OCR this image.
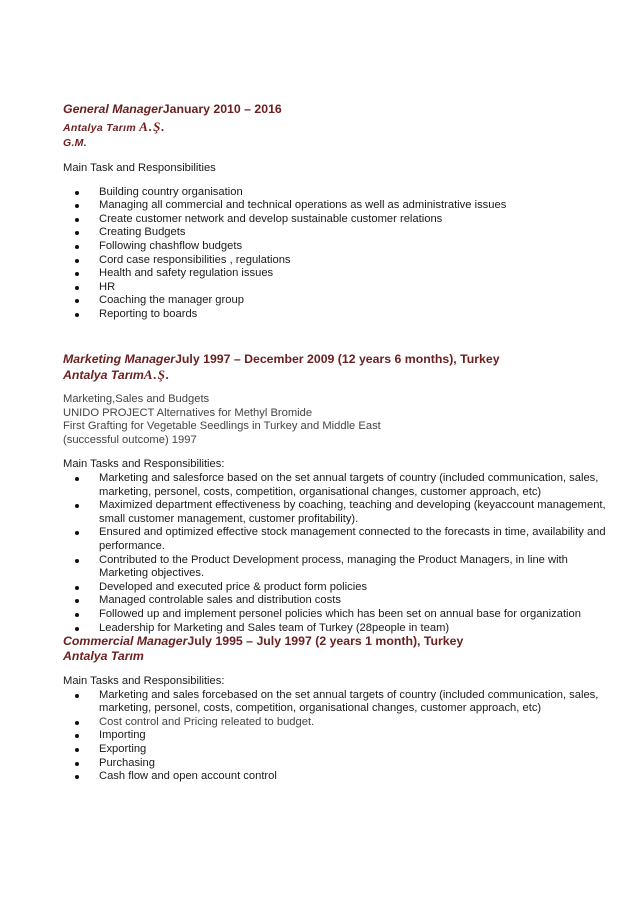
General ManagerJanuary 2010 – 2016
Antalya Tarım A.Ş.
G.M.
Main Task and Responsibilities
Building country organisation
Managing all commercial and technical operations as well as administrative issues
Create customer network and develop sustainable customer relations
Creating Budgets
Following chashflow budgets
Cord case responsibilities , regulations
Health and safety regulation issues
HR
Coaching the manager group
Reporting to boards
Marketing ManagerJuly 1997 – December 2009 (12 years 6 months), Turkey
Antalya TarımA.Ş.
Marketing,Sales and Budgets
UNIDO PROJECT Alternatives for Methyl Bromide
First Grafting for Vegetable Seedlings in Turkey and Middle East
(successful outcome) 1997
Main Tasks and Responsibilities:
Marketing and salesforce based on the set annual targets of country (included communication, sales,
marketing, personel, costs, competition, organisational changes, customer approach, etc)
Maximized department effectiveness by coaching, teaching and developing (keyaccount management,
small customer management, customer profitability).
Ensured and optimized effective stock management connected to the forecasts in time, availability and
performance.
Contributed to the Product Development process, managing the Product Managers, in line with
Marketing objectives.
Developed and executed price & product form policies
Managed controlable sales and distribution costs
Followed up and implement personel policies which has been set on annual base for organization
Leadership for Marketing and Sales team of Turkey (28people in team)
Commercial ManagerJuly 1995 – July 1997 (2 years 1 month), Turkey
Antalya Tarım
Main Tasks and Responsibilities:
Marketing and sales forcebased on the set annual targets of country (included communication, sales,
marketing, personel, costs, competition, organisational changes, customer approach, etc)
Cost control and Pricing releated to budget.
Importing
Exporting
Purchasing
Cash flow and open account control
